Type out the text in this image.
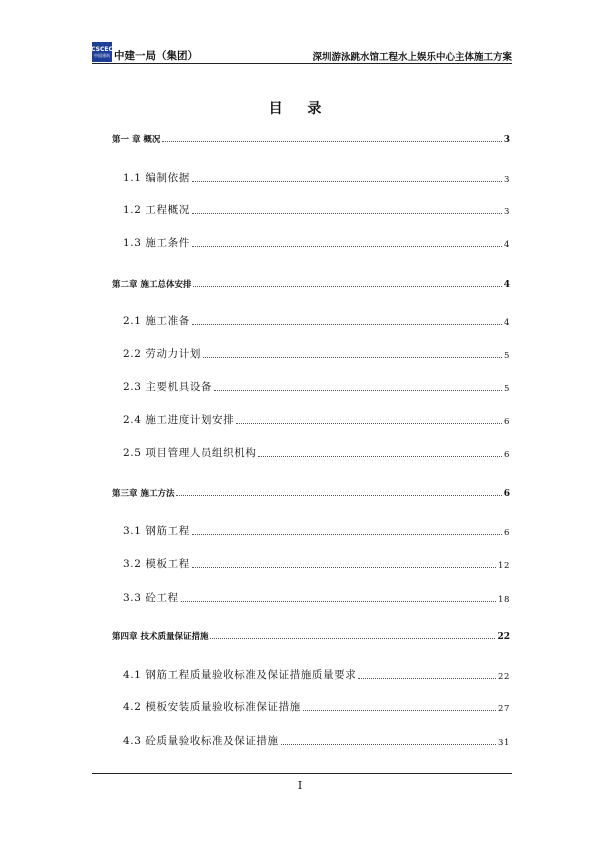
CSCEC
中国建筑 中建一局（集团）	深圳游泳跳水馆工程水上娱乐中心主体施工方案
目 录
第一 章 概况	3
1.1 编制依据	3
1.2 工程概况	3
1.3 施工条件	4
第二章 施工总体安排	4
2.1 施工准备	4
2.2 劳动力计划	5
2.3 主要机具设备	5
2.4 施工进度计划安排	6
2.5 项目管理人员组织机构	6
第三章 施工方法	6
3.1 钢筋工程	6
3.2 模板工程	12
3.3 砼工程	18
第四章 技术质量保证措施	22
4.1 钢筋工程质量验收标准及保证措施质量要求	22
4.2 模板安装质量验收标准保证措施	27
4.3 砼质量验收标准及保证措施	31
I
